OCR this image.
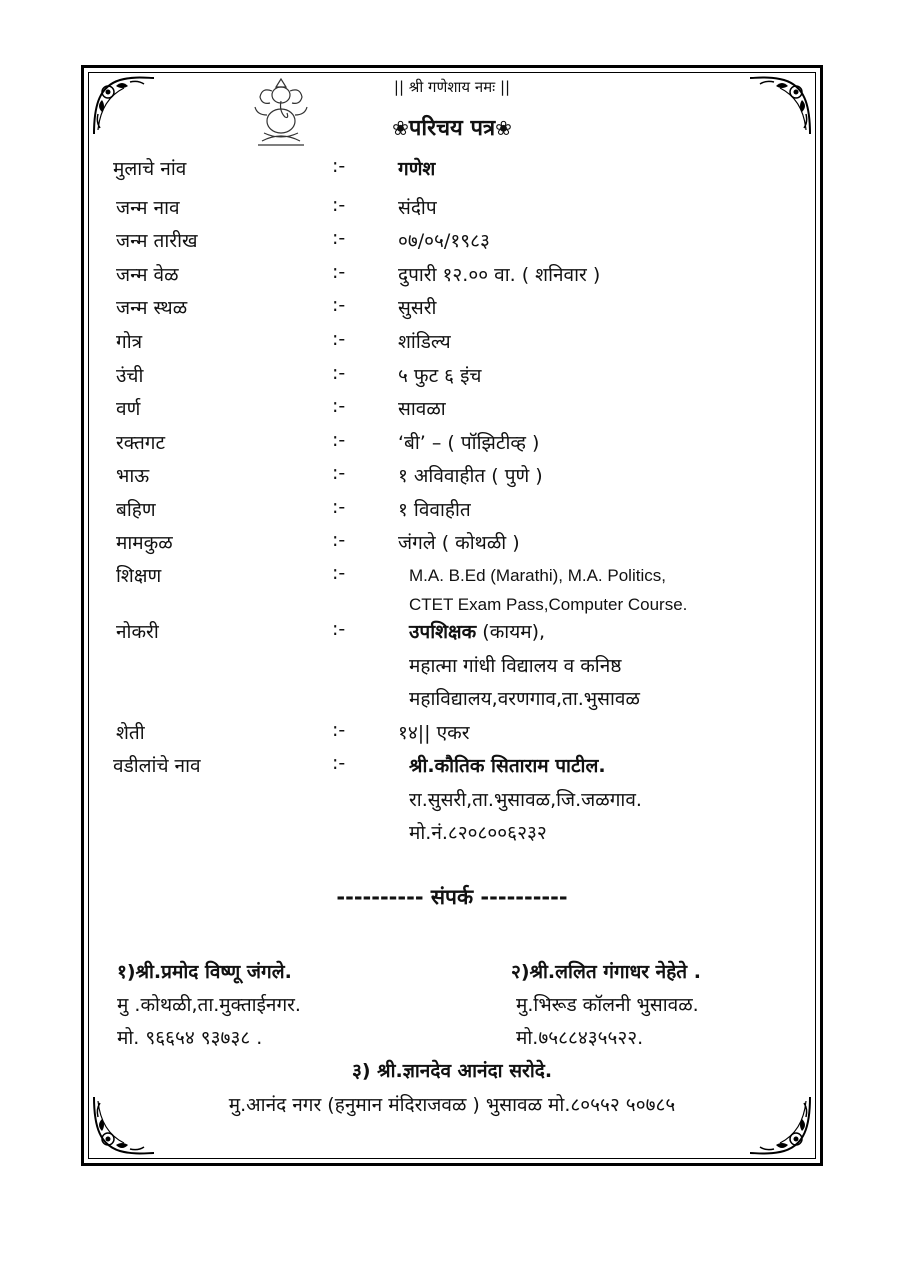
|| श्री गणेशाय नमः ||
❀परिचय पत्र❀
मुलाचे नांव	:-	गणेश
जन्म नाव	:-	संदीप
जन्म तारीख	:-	०७/०५/१९८३
जन्म वेळ	:-	दुपारी १२.०० वा. ( शनिवार )
जन्म स्थळ	:-	सुसरी
गोत्र	:-	शांडिल्य
उंची	:-	५ फुट ६ इंच
वर्ण	:-	सावळा
रक्तगट	:-	‘बी’ – ( पॉझिटीव्ह )
भाऊ	:-	१ अविवाहीत ( पुणे )
बहिण	:-	१ विवाहीत
मामकुळ	:-	जंगले ( कोथळी )
शिक्षण	:-	M.A. B.Ed (Marathi), M.A. Politics,
CTET Exam Pass,Computer Course.
नोकरी	:-	उपशिक्षक (कायम),
महात्मा गांधी विद्यालय व कनिष्ठ
महाविद्यालय,वरणगाव,ता.भुसावळ
शेती	:-	१४|| एकर
वडीलांचे नाव	:-	श्री.कौतिक सिताराम पाटील.
रा.सुसरी,ता.भुसावळ,जि.जळगाव.
मो.नं.८२०८००६२३२
---------- संपर्क ----------
१)श्री.प्रमोद विष्णू जंगले.
मु .कोथळी,ता.मुक्ताईनगर.
मो. ९६६५४ ९३७३८ .
२)श्री.ललित गंगाधर नेहेते .
मु.भिरूड कॉलनी भुसावळ.
मो.७५८८४३५५२२.
३) श्री.ज्ञानदेव आनंदा सरोदे.
मु.आनंद नगर (हनुमान मंदिराजवळ ) भुसावळ मो.८०५५२ ५०७८५
